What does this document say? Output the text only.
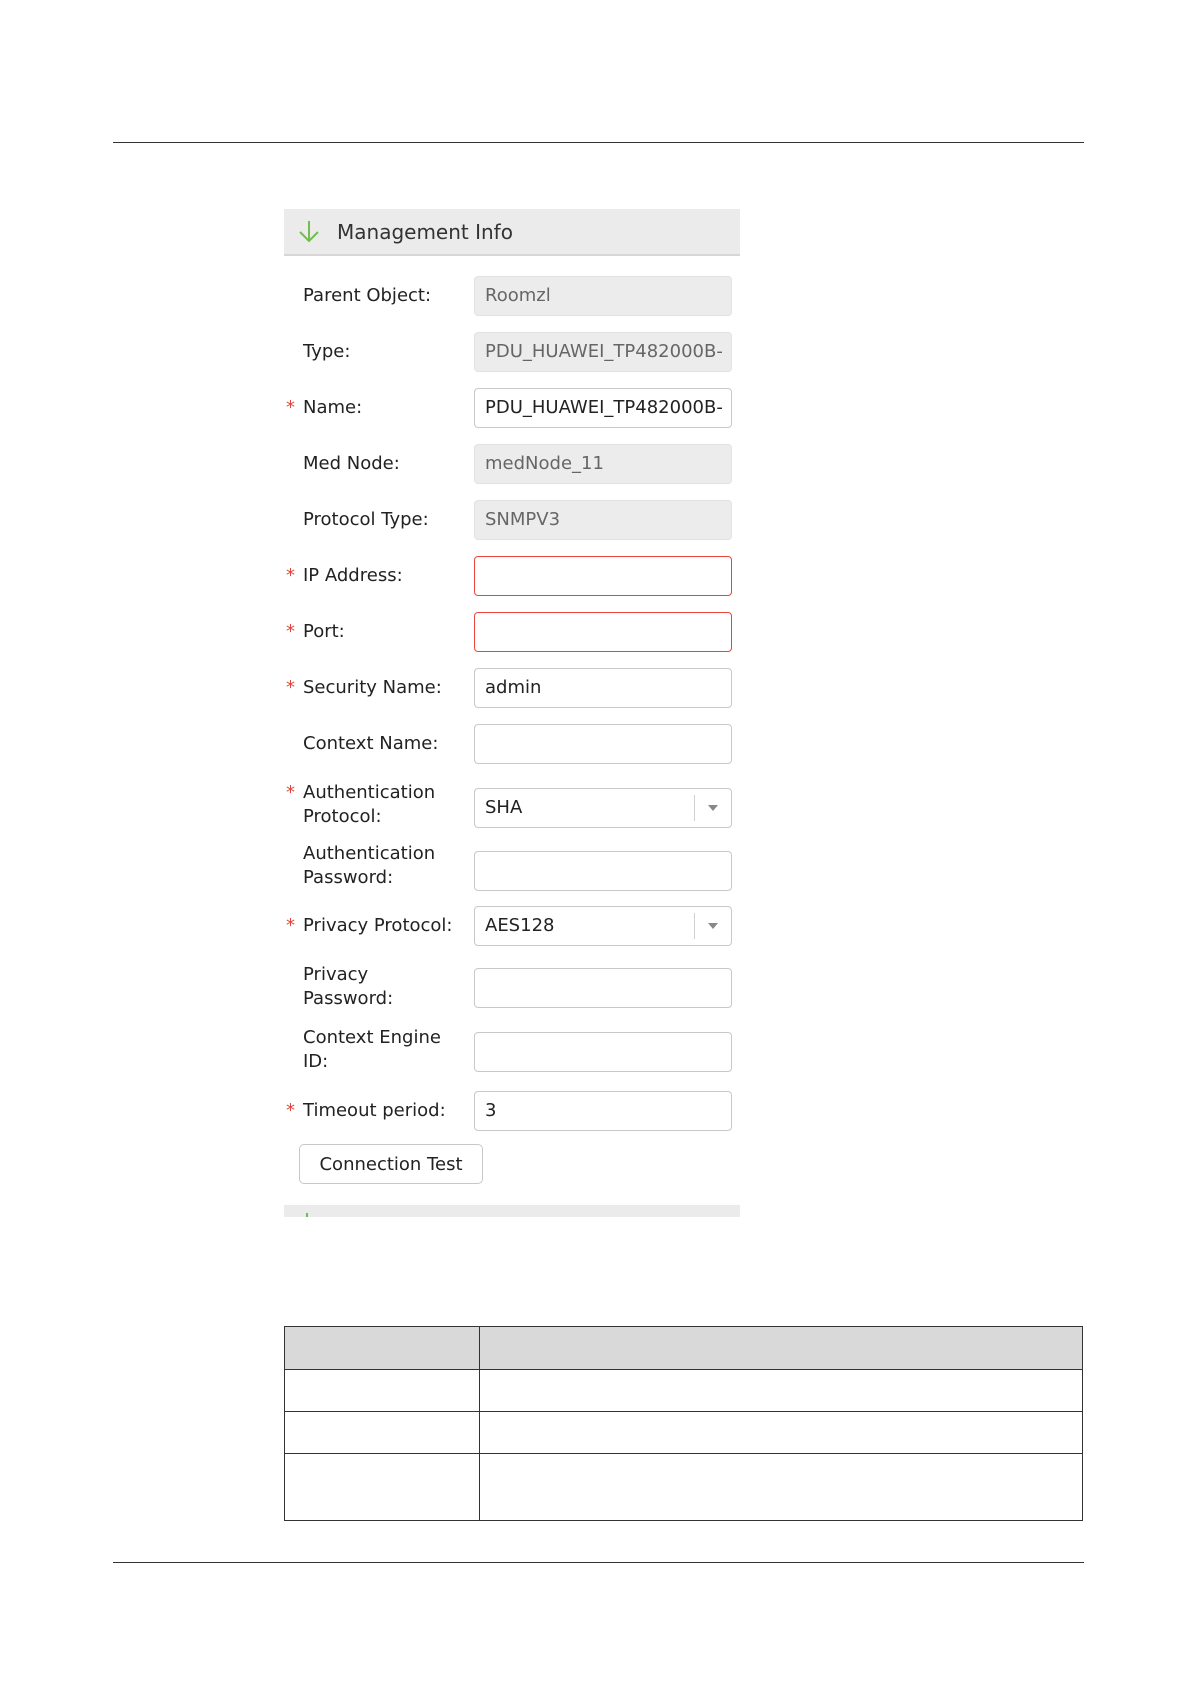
Management Info
Parent Object:	Roomzl
Type:	PDU_HUAWEI_TP482000B-
* Name:	PDU_HUAWEI_TP482000B-
Med Node:	medNode_11
Protocol Type:	SNMPV3
* IP Address:
* Port:
* Security Name:	admin
Context Name:
* Authentication
Protocol:	SHA
Authentication
Password:
* Privacy Protocol: AES128
Privacy
Password:
Context Engine
ID:
* Timeout period:	3
Connection Test
